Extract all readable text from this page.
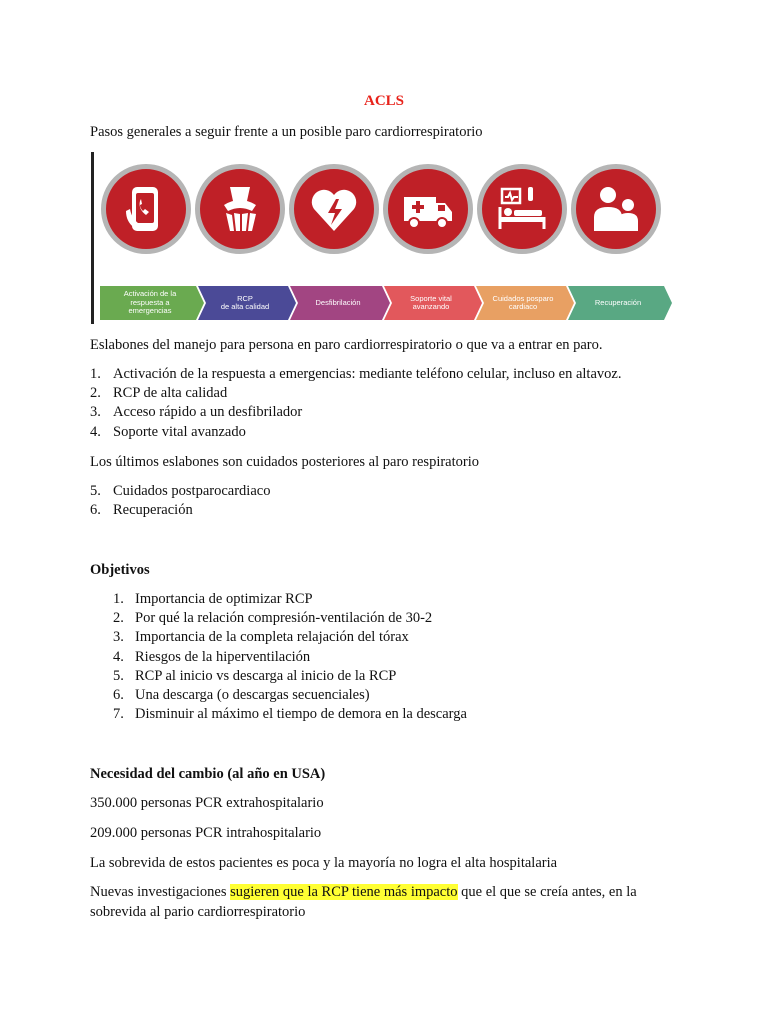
ACLS
Pasos generales a seguir frente a un posible paro cardiorrespiratorio
Activación de la
respuesta a
emergencias
RCP
de alta calidad	Desfibrilación	Soporte vital
avanzando
Cuidados posparo
cardiaco	Recuperación
Eslabones del manejo para persona en paro cardiorrespiratorio o que va a entrar en paro.
1. Activación de la respuesta a emergencias: mediante teléfono celular, incluso en altavoz.
2. RCP de alta calidad
3. Acceso rápido a un desfibrilador
4. Soporte vital avanzado
Los últimos eslabones son cuidados posteriores al paro respiratorio
5. Cuidados postparocardiaco
6. Recuperación
Objetivos
1. Importancia de optimizar RCP
2. Por qué la relación compresión-ventilación de 30-2
3. Importancia de la completa relajación del tórax
4. Riesgos de la hiperventilación
5. RCP al inicio vs descarga al inicio de la RCP
6. Una descarga (o descargas secuenciales)
7. Disminuir al máximo el tiempo de demora en la descarga
Necesidad del cambio (al año en USA)
350.000 personas PCR extrahospitalario
209.000 personas PCR intrahospitalario
La sobrevida de estos pacientes es poca y la mayoría no logra el alta hospitalaria
Nuevas investigaciones sugieren que la RCP tiene más impacto que el que se creía antes, en la
sobrevida al pario cardiorrespiratorio
